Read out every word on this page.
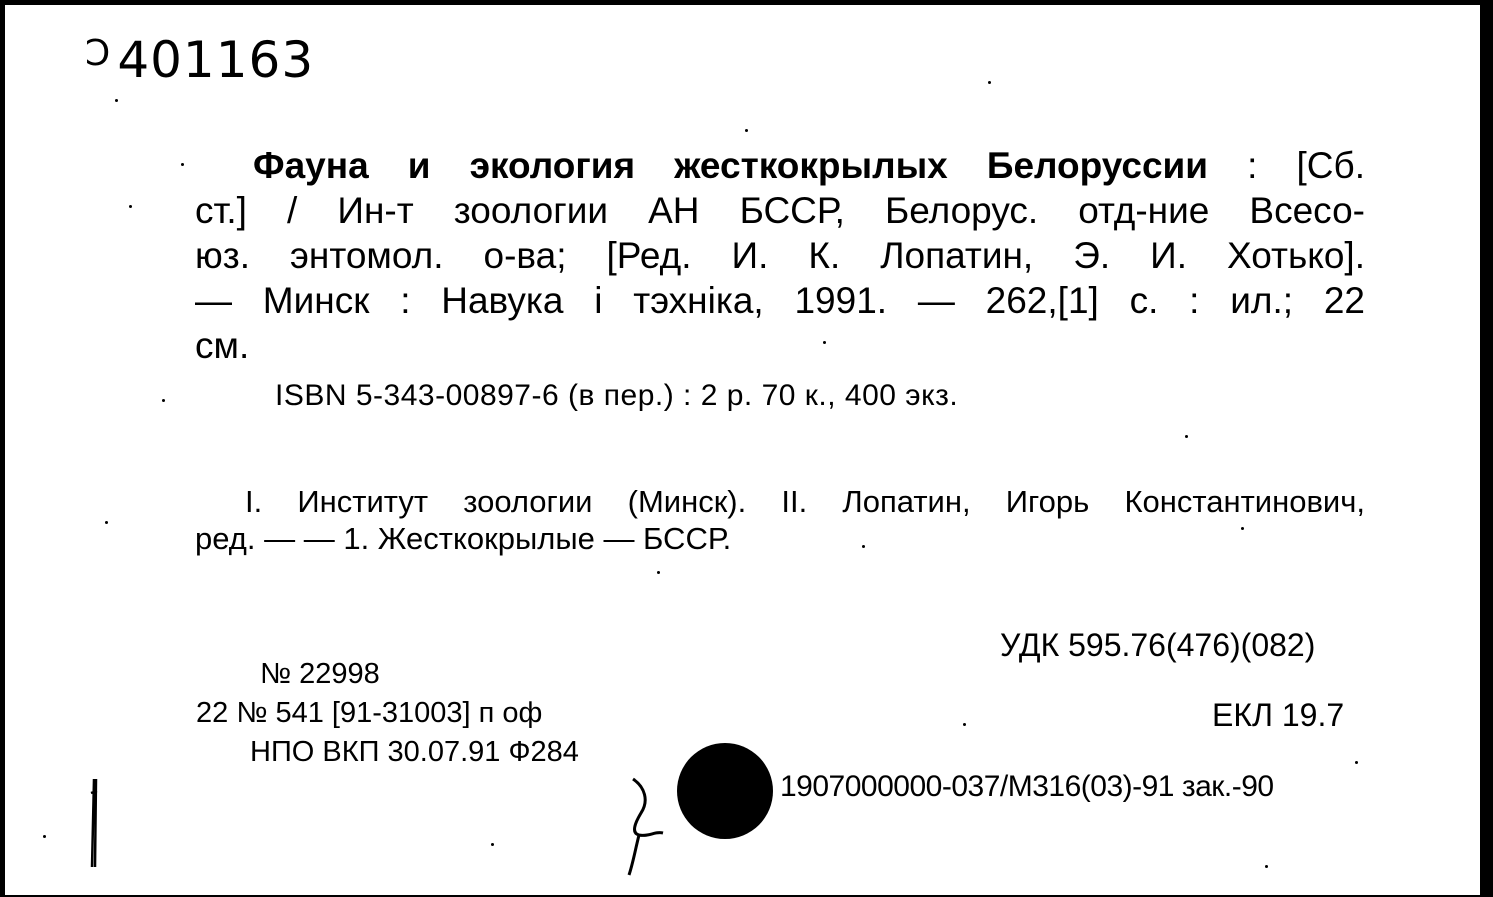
$^Ↄ$ 401163
Фауна и экология жесткокрылых Белоруссии : [Сб.
ст.] / Ин-т зоологии АН БССР, Белорус. отд-ние Всесо-
юз. энтомол. о-ва; [Ред. И. К. Лопатин, Э. И. Хотько].
— Минск : Навука і тэхніка, 1991. — 262,[1] с. : ил.; 22
см.
ISBN 5-343-00897-6 (в пер.) : 2 р. 70 к., 400 экз.
I. Институт зоологии (Минск). II. Лопатин, Игорь Константинович,
ред. — — 1. Жесткокрылые — БССР.
УДК 595.76(476)(082)
ЕКЛ 19.7
№ 22998
22 № 541 [91-31003] п оф
НПО ВКП 30.07.91 Ф284
1907000000-037/М316(03)-91 зак.-90
